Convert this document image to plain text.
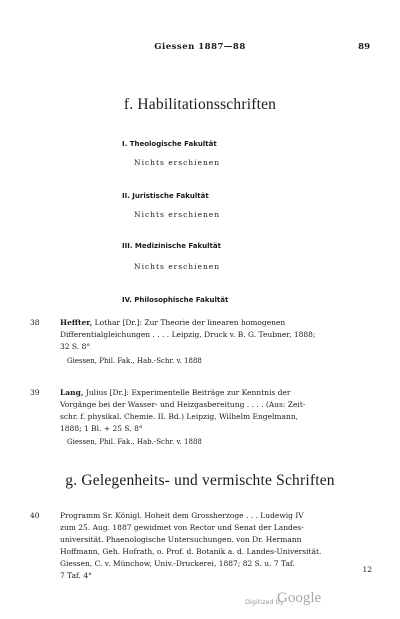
Giessen 1887—88	89
f. Habilitationsschriften
I. Theologische Fakultät
Nichts erschienen
II. Juristische Fakultät
Nichts erschienen
III. Medizinische Fakultät
Nichts erschienen
IV. Philosophische Fakultät
38	Heffter, Lothar [Dr.]: Zur Theorie der linearen homogenen
Differentialgleichungen . . . . Leipzig, Druck v. B. G. Teubner, 1888;
32 S. 8°
Giessen, Phil. Fak., Hab.-Schr. v. 1888
39	Lang, Julius [Dr.]: Experimentelle Beiträge zur Kenntnis der
Vorgänge bei der Wasser- und Heizgasbereitung . . . . (Aus: Zeit-
schr. f. physikal. Chemie. II. Bd.) Leipzig, Wilhelm Engelmann,
1888; 1 Bl. + 25 S. 8°
Giessen, Phil. Fak., Hab.-Schr. v. 1888
g. Gelegenheits- und vermischte Schriften
40	Programm Sr. Königl. Hoheit dem Grossherzoge . . . Ludewig IV
zum 25. Aug. 1887 gewidmet von Rector und Senat der Landes-
universität. Phaenologische Untersuchungen. von Dr. Hermann
Hoffmann, Geh. Hofrath, o. Prof. d. Botanik a. d. Landes-Universität.
Giessen, C. v. Münchow, Univ.-Druckerei, 1887; 82 S. u. 7 Taf.
7 Taf. 4°
12
Digitized by
Google
